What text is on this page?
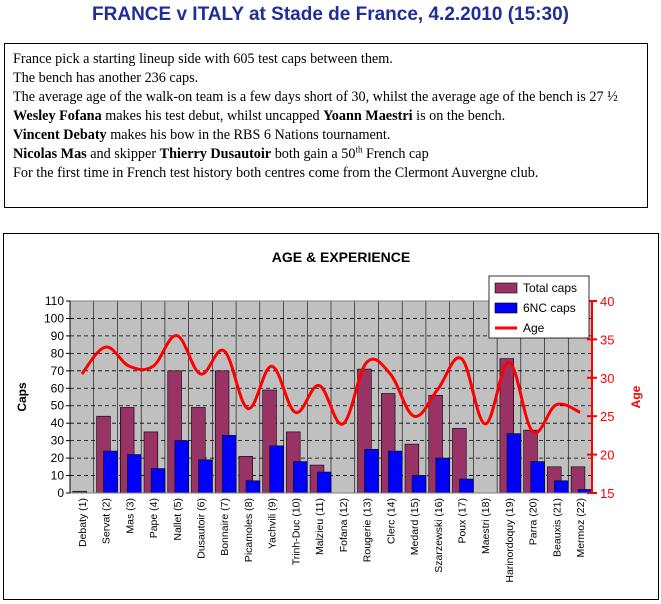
FRANCE v ITALY at Stade de France, 4.2.2010 (15:30)
France pick a starting lineup side with 605 test caps between them.
The bench has another 236 caps.
The average age of the walk-on team is a few days short of 30, whilst the average age of the bench is 27 ½
Wesley Fofana makes his test debut, whilst uncapped Yoann Maestri is on the bench.
Vincent Debaty makes his bow in the RBS 6 Nations tournament.
Nicolas Mas and skipper Thierry Dusautoir both gain a 50th French cap
For the first time in French test history both centres come from the Clermont Auvergne club.
AGE & EXPERIENCE
0
10
20
30
40
50
60
70
80
90
100
110
Caps
15
20
25
30
35
40
Age
Debaty (1) Servat (2) Mas (3) Pape (4) Nallet (5) Dusautoir (6) Bonnaire (7) Picamoles (8) Yachvili (9) Trinh-Duc (10) Malzieu (11) Fofana (12) Rougerie (13) Clerc (14) Medard (15) Szarzewski (16) Poux (17) Maestri (18) Harinordoquy (19) Parra (20) Beauxis (21) Mermoz (22)
Total caps
6NC caps
Age
